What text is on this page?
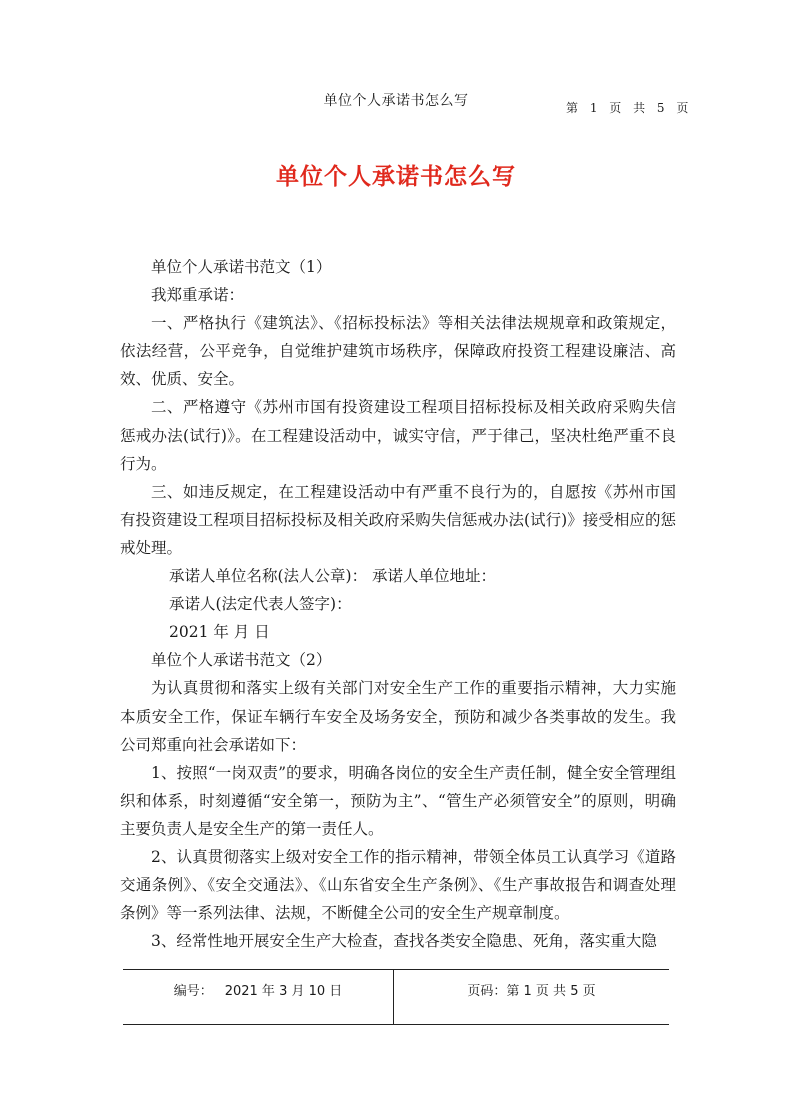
单位个人承诺书怎么写	第 1 页 共 5 页
单位个人承诺书怎么写

单位个人承诺书范文（1）

我郑重承诺：

一、严格执行《建筑法》、《招标投标法》等相关法律法规规章和政策规定，依法经营，公平竞争，自觉维护建筑市场秩序，保障政府投资工程建设廉洁、高效、优质、安全。

二、严格遵守《苏州市国有投资建设工程项目招标投标及相关政府采购失信惩戒办法(试行)》。在工程建设活动中，诚实守信，严于律己，坚决杜绝严重不良行为。

三、如违反规定，在工程建设活动中有严重不良行为的，自愿按《苏州市国有投资建设工程项目招标投标及相关政府采购失信惩戒办法(试行)》接受相应的惩戒处理。

承诺人单位名称(法人公章)： 承诺人单位地址：

承诺人(法定代表人签字)：

2021 年 月 日

单位个人承诺书范文（2）

为认真贯彻和落实上级有关部门对安全生产工作的重要指示精神，大力实施本质安全工作，保证车辆行车安全及场务安全，预防和减少各类事故的发生。我公司郑重向社会承诺如下：

1、按照“一岗双责”的要求，明确各岗位的安全生产责任制，健全安全管理组织和体系，时刻遵循“安全第一，预防为主”、“管生产必须管安全”的原则，明确主要负责人是安全生产的第一责任人。

2、认真贯彻落实上级对安全工作的指示精神，带领全体员工认真学习《道路交通条例》、《安全交通法》、《山东省安全生产条例》、《生产事故报告和调查处理条例》等一系列法律、法规，不断健全公司的安全生产规章制度。

3、经常性地开展安全生产大检查，查找各类安全隐患、死角，落实重大隐

编号： 2021 年 3 月 10 日	页码：第 1 页 共 5 页
